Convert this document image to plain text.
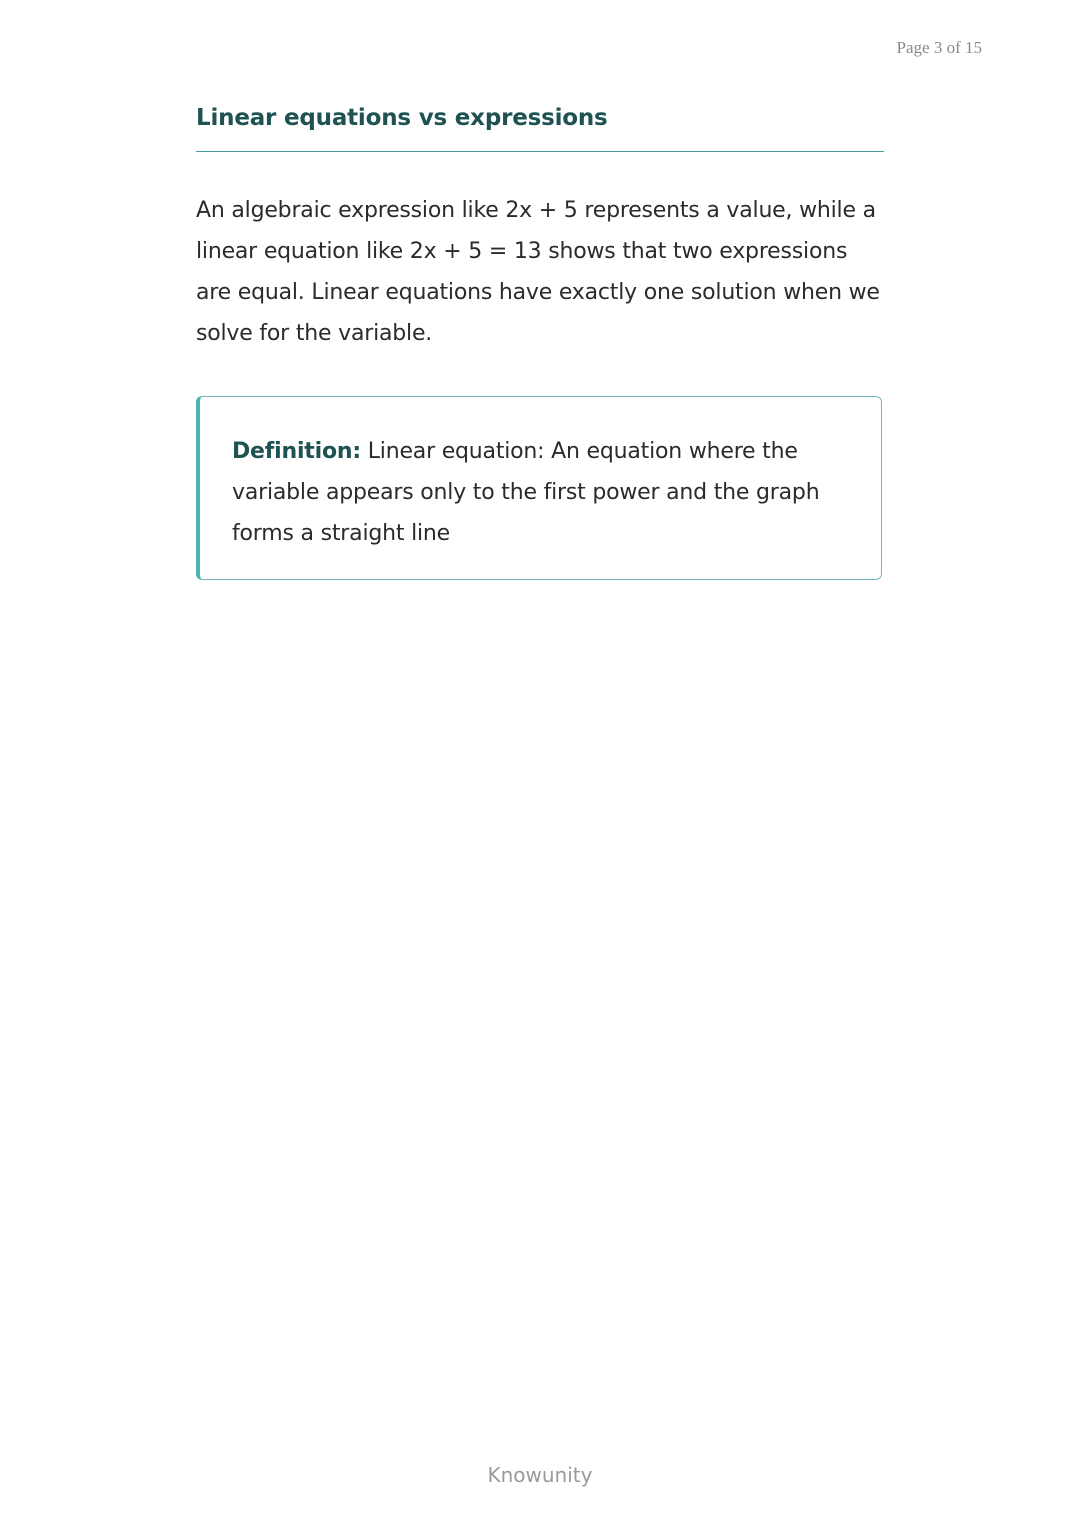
Page 3 of 15
Linear equations vs expressions

An algebraic expression like 2x + 5 represents a value, while a linear equation like 2x + 5 = 13 shows that two expressions are equal. Linear equations have exactly one solution when we solve for the variable.

Definition: Linear equation: An equation where the variable appears only to the first power and the graph forms a straight line

Knowunity
